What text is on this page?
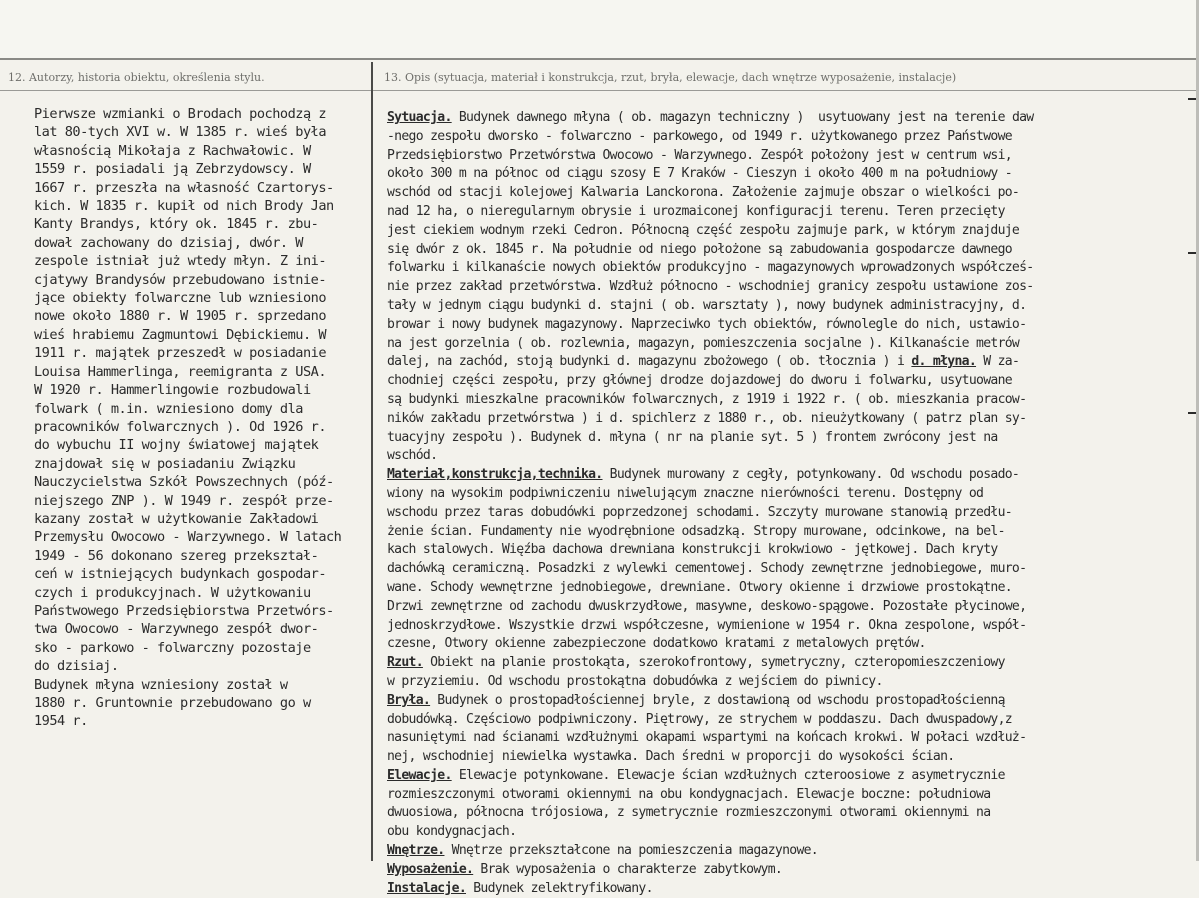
12. Autorzy, historia obiektu, określenia stylu.	13. Opis (sytuacja, materiał i konstrukcja, rzut, bryła, elewacje, dach wnętrze wyposażenie, instalacje)
Pierwsze wzmianki o Brodach pochodzą z
lat 80-tych XVI w. W 1385 r. wieś była
własnością Mikołaja z Rachwałowic. W
1559 r. posiadali ją Zebrzydowscy. W
1667 r. przeszła na własność Czartorys-
kich. W 1835 r. kupił od nich Brody Jan
Kanty Brandys, który ok. 1845 r. zbu-
dował zachowany do dzisiaj, dwór. W
zespole istniał już wtedy młyn. Z ini-
cjatywy Brandysów przebudowano istnie-
jące obiekty folwarczne lub wzniesiono
nowe około 1880 r. W 1905 r. sprzedano
wieś hrabiemu Zagmuntowi Dębickiemu. W
1911 r. majątek przeszedł w posiadanie
Louisa Hammerlinga, reemigranta z USA.
W 1920 r. Hammerlingowie rozbudowali
folwark ( m.in. wzniesiono domy dla
pracowników folwarcznych ). Od 1926 r.
do wybuchu II wojny światowej majątek
znajdował się w posiadaniu Związku
Nauczycielstwa Szkół Powszechnych (póź-
niejszego ZNP ). W 1949 r. zespół prze-
kazany został w użytkowanie Zakładowi
Przemysłu Owocowo - Warzywnego. W latach
1949 - 56 dokonano szereg przekształ-
ceń w istniejących budynkach gospodar-
czych i produkcyjnach. W użytkowaniu
Państwowego Przedsiębiorstwa Przetwórs-
twa Owocowo - Warzywnego zespół dwor-
sko - parkowo - folwarczny pozostaje
do dzisiaj.
Budynek młyna wzniesiony został w
1880 r. Gruntownie przebudowano go w
1954 r.
Sytuacja. Budynek dawnego młyna ( ob. magazyn techniczny )  usytuowany jest na terenie daw
-nego zespołu dworsko - folwarczno - parkowego, od 1949 r. użytkowanego przez Państwowe
Przedsiębiorstwo Przetwórstwa Owocowo - Warzywnego. Zespół położony jest w centrum wsi,
około 300 m na północ od ciągu szosy E 7 Kraków - Cieszyn i około 400 m na południowy -
wschód od stacji kolejowej Kalwaria Lanckorona. Założenie zajmuje obszar o wielkości po-
nad 12 ha, o nieregularnym obrysie i urozmaiconej konfiguracji terenu. Teren przecięty
jest ciekiem wodnym rzeki Cedron. Północną część zespołu zajmuje park, w którym znajduje
się dwór z ok. 1845 r. Na południe od niego położone są zabudowania gospodarcze dawnego
folwarku i kilkanaście nowych obiektów produkcyjno - magazynowych wprowadzonych współcześ-
nie przez zakład przetwórstwa. Wzdłuż północno - wschodniej granicy zespołu ustawione zos-
tały w jednym ciągu budynki d. stajni ( ob. warsztaty ), nowy budynek administracyjny, d.
browar i nowy budynek magazynowy. Naprzeciwko tych obiektów, równolegle do nich, ustawio-
na jest gorzelnia ( ob. rozlewnia, magazyn, pomieszczenia socjalne ). Kilkanaście metrów
dalej, na zachód, stoją budynki d. magazynu zbożowego ( ob. tłocznia ) i d. młyna. W za-
chodniej części zespołu, przy głównej drodze dojazdowej do dworu i folwarku, usytuowane
są budynki mieszkalne pracowników folwarcznych, z 1919 i 1922 r. ( ob. mieszkania pracow-
ników zakładu przetwórstwa ) i d. spichlerz z 1880 r., ob. nieużytkowany ( patrz plan sy-
tuacyjny zespołu ). Budynek d. młyna ( nr na planie syt. 5 ) frontem zwrócony jest na
wschód.
Materiał,konstrukcja,technika. Budynek murowany z cegły, potynkowany. Od wschodu posado-
wiony na wysokim podpiwniczeniu niwelującym znaczne nierówności terenu. Dostępny od
wschodu przez taras dobudówki poprzedzonej schodami. Szczyty murowane stanowią przedłu-
żenie ścian. Fundamenty nie wyodrębnione odsadzką. Stropy murowane, odcinkowe, na bel-
kach stalowych. Więźba dachowa drewniana konstrukcji krokwiowo - jętkowej. Dach kryty
dachówką ceramiczną. Posadzki z wylewki cementowej. Schody zewnętrzne jednobiegowe, muro-
wane. Schody wewnętrzne jednobiegowe, drewniane. Otwory okienne i drzwiowe prostokątne.
Drzwi zewnętrzne od zachodu dwuskrzydłowe, masywne, deskowo-spągowe. Pozostałe płycinowe,
jednoskrzydłowe. Wszystkie drzwi współczesne, wymienione w 1954 r. Okna zespolone, współ-
czesne, Otwory okienne zabezpieczone dodatkowo kratami z metalowych prętów.
Rzut. Obiekt na planie prostokąta, szerokofrontowy, symetryczny, czteropomieszczeniowy
w przyziemiu. Od wschodu prostokątna dobudówka z wejściem do piwnicy.
Bryła. Budynek o prostopadłościennej bryle, z dostawioną od wschodu prostopadłościenną
dobudówką. Częściowo podpiwniczony. Piętrowy, ze strychem w poddaszu. Dach dwuspadowy,z
nasuniętymi nad ścianami wzdłużnymi okapami wspartymi na końcach krokwi. W połaci wzdłuż-
nej, wschodniej niewielka wystawka. Dach średni w proporcji do wysokości ścian.
Elewacje. Elewacje potynkowane. Elewacje ścian wzdłużnych czteroosiowe z asymetrycznie
rozmieszczonymi otworami okiennymi na obu kondygnacjach. Elewacje boczne: południowa
dwuosiowa, północna trójosiowa, z symetrycznie rozmieszczonymi otworami okiennymi na
obu kondygnacjach.
Wnętrze. Wnętrze przekształcone na pomieszczenia magazynowe.
Wyposażenie. Brak wyposażenia o charakterze zabytkowym.
Instalacje. Budynek zelektryfikowany.
